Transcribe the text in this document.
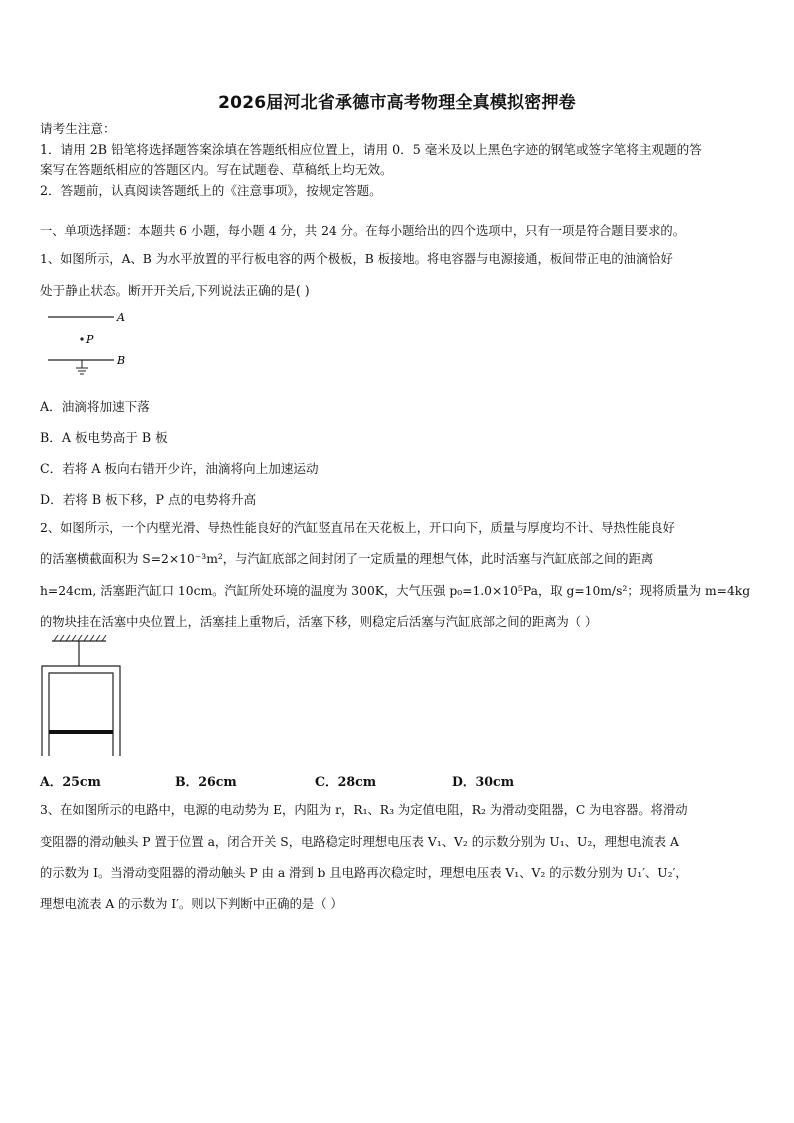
2026届河北省承德市高考物理全真模拟密押卷
请考生注意：
1．请用 2B 铅笔将选择题答案涂填在答题纸相应位置上，请用 0．5 毫米及以上黑色字迹的钢笔或签字笔将主观题的答
案写在答题纸相应的答题区内。写在试题卷、草稿纸上均无效。
2．答题前，认真阅读答题纸上的《注意事项》，按规定答题。
一、单项选择题：本题共 6 小题，每小题 4 分，共 24 分。在每小题给出的四个选项中，只有一项是符合题目要求的。
1、如图所示，A、B 为水平放置的平行板电容的两个极板，B 板接地。将电容器与电源接通，板间带正电的油滴恰好
处于静止状态。断开开关后,下列说法正确的是( )
A
P
B
A．油滴将加速下落
B．A 板电势高于 B 板
C．若将 A 板向右错开少许，油滴将向上加速运动
D．若将 B 板下移，P 点的电势将升高
2、如图所示，一个内壁光滑、导热性能良好的汽缸竖直吊在天花板上，开口向下，质量与厚度均不计、导热性能良好
的活塞横截面积为 S=2×10⁻³m²，与汽缸底部之间封闭了一定质量的理想气体，此时活塞与汽缸底部之间的距离
h=24cm, 活塞距汽缸口 10cm。汽缸所处环境的温度为 300K，大气压强 p₀=1.0×10⁵Pa，取 g=10m/s²；现将质量为 m=4kg
的物块挂在活塞中央位置上，活塞挂上重物后，活塞下移，则稳定后活塞与汽缸底部之间的距离为（ ）
A．25cm	B．26cm	C．28cm	D．30cm
3、在如图所示的电路中，电源的电动势为 E，内阻为 r，R₁、R₃ 为定值电阻，R₂ 为滑动变阻器，C 为电容器。将滑动
变阻器的滑动触头 P 置于位置 a，闭合开关 S，电路稳定时理想电压表 V₁、V₂ 的示数分别为 U₁、U₂，理想电流表 A
的示数为 I。当滑动变阻器的滑动触头 P 由 a 滑到 b 且电路再次稳定时，理想电压表 V₁、V₂ 的示数分别为 U₁′、U₂′，
理想电流表 A 的示数为 I′。则以下判断中正确的是（ ）
